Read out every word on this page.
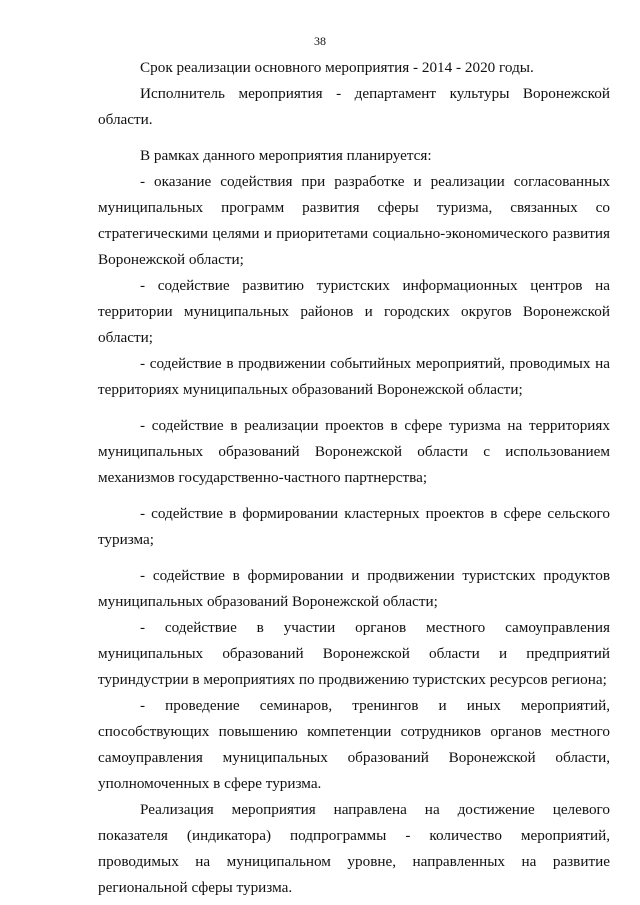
38

Срок реализации основного мероприятия - 2014 - 2020 годы.

Исполнитель мероприятия - департамент культуры Воронежской области.

В рамках данного мероприятия планируется:

- оказание содействия при разработке и реализации согласованных муниципальных программ развития сферы туризма, связанных со стратегическими целями и приоритетами социально-экономического развития Воронежской области;

- содействие развитию туристских информационных центров на территории муниципальных районов и городских округов Воронежской области;

- содействие в продвижении событийных мероприятий, проводимых на территориях муниципальных образований Воронежской области;

- содействие в реализации проектов в сфере туризма на территориях муниципальных образований Воронежской области с использованием механизмов государственно-частного партнерства;

- содействие в формировании кластерных проектов в сфере сельского туризма;

- содействие в формировании и продвижении туристских продуктов муниципальных образований Воронежской области;

- содействие в участии органов местного самоуправления муниципальных образований Воронежской области и предприятий туриндустрии в мероприятиях по продвижению туристских ресурсов региона;

- проведение семинаров, тренингов и иных мероприятий, способствующих повышению компетенции сотрудников органов местного самоуправления муниципальных образований Воронежской области, уполномоченных в сфере туризма.

Реализация мероприятия направлена на достижение целевого показателя (индикатора) подпрограммы - количество мероприятий, проводимых на муниципальном уровне, направленных на развитие региональной сферы туризма.
